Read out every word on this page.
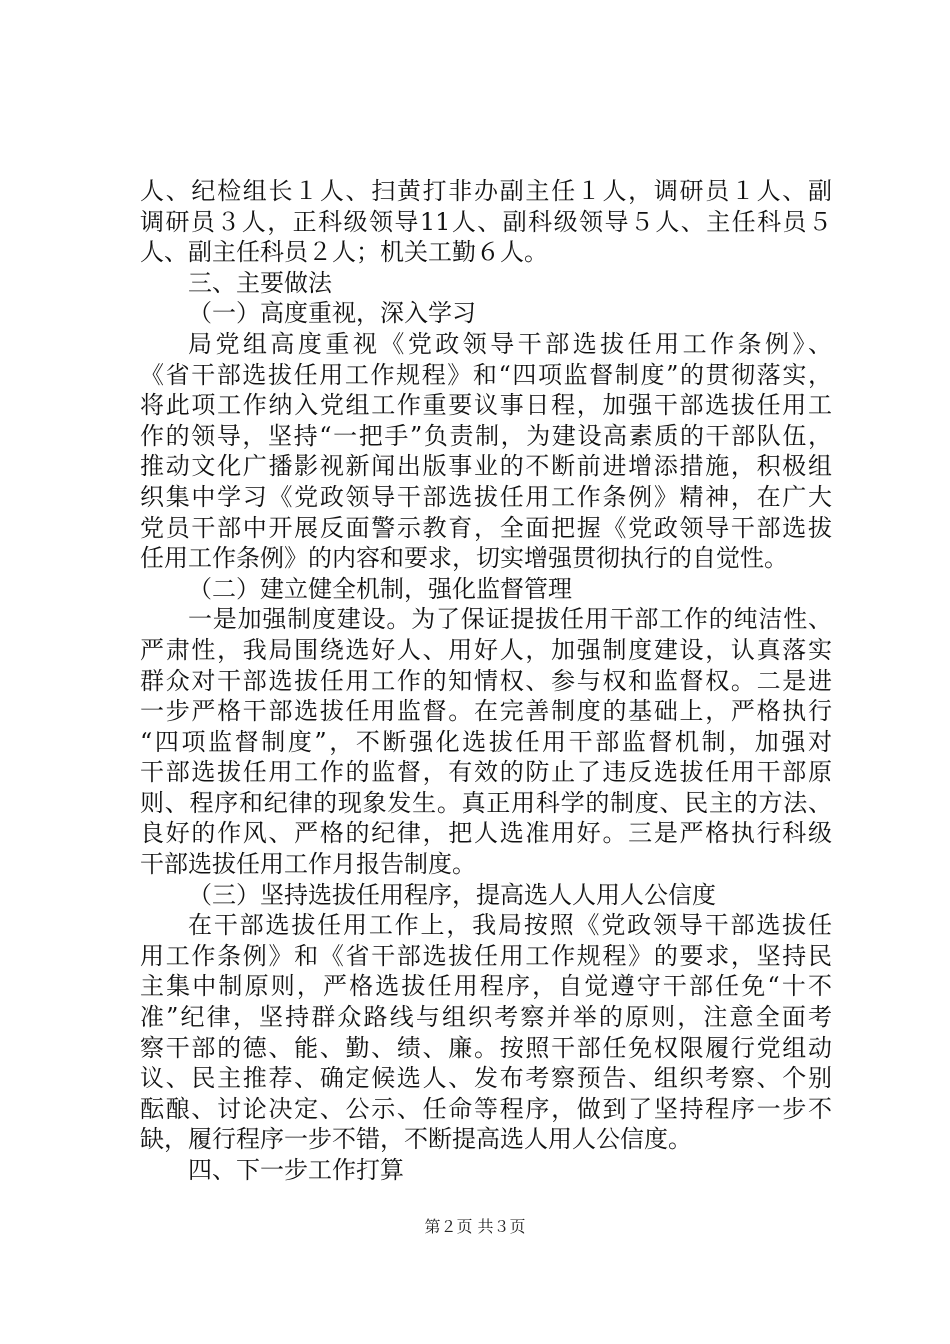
人、纪检组长１人、扫黄打非办副主任１人，调研员１人、副
调研员３人，正科级领导11人、副科级领导５人、主任科员５
人、副主任科员２人；机关工勤６人。
三、主要做法
（一）高度重视，深入学习
局党组高度重视《党政领导干部选拔任用工作条例》、
《省干部选拔任用工作规程》和“四项监督制度”的贯彻落实，
将此项工作纳入党组工作重要议事日程，加强干部选拔任用工
作的领导，坚持“一把手”负责制，为建设高素质的干部队伍，
推动文化广播影视新闻出版事业的不断前进增添措施，积极组
织集中学习《党政领导干部选拔任用工作条例》精神，在广大
党员干部中开展反面警示教育，全面把握《党政领导干部选拔
任用工作条例》的内容和要求，切实增强贯彻执行的自觉性。
（二）建立健全机制，强化监督管理
一是加强制度建设。为了保证提拔任用干部工作的纯洁性、
严肃性，我局围绕选好人、用好人，加强制度建设，认真落实
群众对干部选拔任用工作的知情权、参与权和监督权。二是进
一步严格干部选拔任用监督。在完善制度的基础上，严格执行
“四项监督制度”，不断强化选拔任用干部监督机制，加强对
干部选拔任用工作的监督，有效的防止了违反选拔任用干部原
则、程序和纪律的现象发生。真正用科学的制度、民主的方法、
良好的作风、严格的纪律，把人选准用好。三是严格执行科级
干部选拔任用工作月报告制度。
（三）坚持选拔任用程序，提高选人人用人公信度
在干部选拔任用工作上，我局按照《党政领导干部选拔任
用工作条例》和《省干部选拔任用工作规程》的要求，坚持民
主集中制原则，严格选拔任用程序，自觉遵守干部任免“十不
准”纪律，坚持群众路线与组织考察并举的原则，注意全面考
察干部的德、能、勤、绩、廉。按照干部任免权限履行党组动
议、民主推荐、确定候选人、发布考察预告、组织考察、个别
酝酿、讨论决定、公示、任命等程序，做到了坚持程序一步不
缺，履行程序一步不错，不断提高选人用人公信度。
四、下一步工作打算
第２页 共３页
